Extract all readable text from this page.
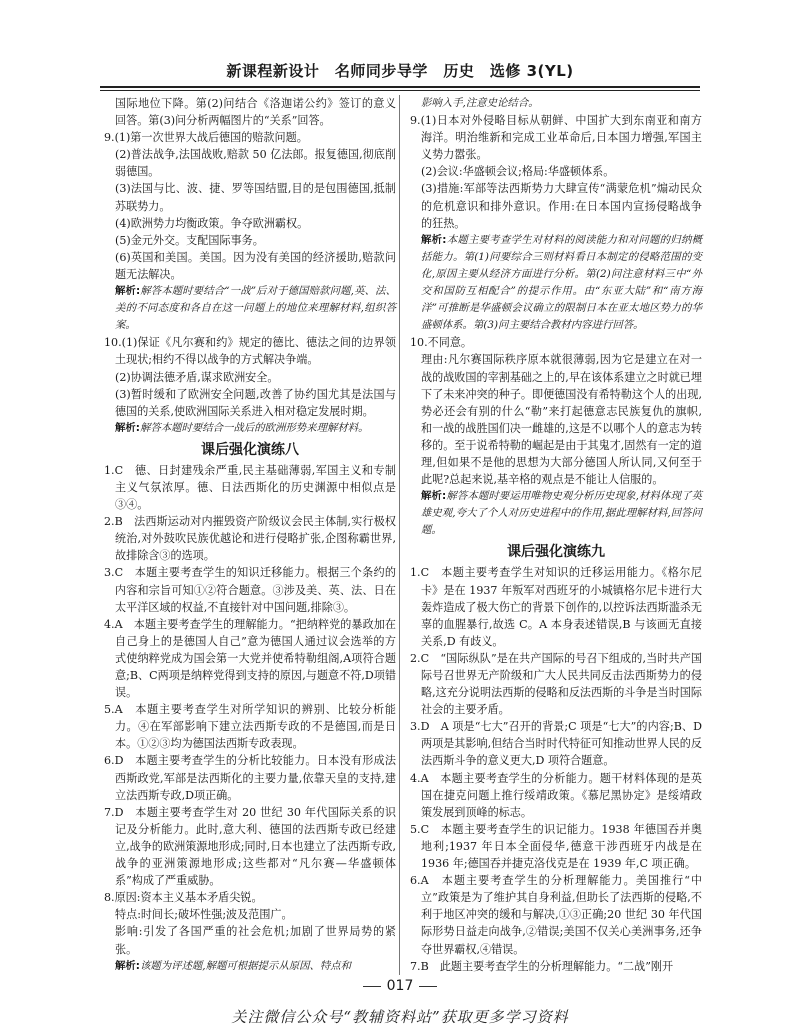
新课程新设计　名师同步导学　历史　选修 3(YL)

国际地位下降。第(2)问结合《洛迦诺公约》签订的意义回答。第(3)问分析两幅图片的“关系”回答。

9.(1)第一次世界大战后德国的赔款问题。

(2)普法战争,法国战败,赔款 50 亿法郎。报复德国,彻底削弱德国。

(3)法国与比、波、捷、罗等国结盟,目的是包围德国,抵制苏联势力。

(4)欧洲势力均衡政策。争夺欧洲霸权。

(5)金元外交。支配国际事务。

(6)英国和美国。美国。因为没有美国的经济援助,赔款问题无法解决。

解析:解答本题时要结合“一战”后对于德国赔款问题,英、法、美的不同态度和各自在这一问题上的地位来理解材料,组织答案。

10.(1)保证《凡尔赛和约》规定的德比、德法之间的边界领土现状;相约不得以战争的方式解决争端。

(2)协调法德矛盾,谋求欧洲安全。

(3)暂时缓和了欧洲安全问题,改善了协约国尤其是法国与德国的关系,使欧洲国际关系进入相对稳定发展时期。

解析:解答本题时要结合一战后的欧洲形势来理解材料。

课后强化演练八

1.C　德、日封建残余严重,民主基础薄弱,军国主义和专制主义气氛浓厚。德、日法西斯化的历史渊源中相似点是③④。

2.B　法西斯运动对内摧毁资产阶级议会民主体制,实行极权统治,对外鼓吹民族优越论和进行侵略扩张,企图称霸世界,故排除含③的选项。

3.C　本题主要考查学生的知识迁移能力。根据三个条约的内容和宗旨可知①②符合题意。③涉及美、英、法、日在太平洋区域的权益,不直接针对中国问题,排除③。

4.A　本题主要考查学生的理解能力。“把纳粹党的暴政加在自己身上的是德国人自己”意为德国人通过议会选举的方式使纳粹党成为国会第一大党并使希特勒组阁,A项符合题意;B、C两项是纳粹党得到支持的原因,与题意不符,D项错误。

5.A　本题主要考查学生对所学知识的辨别、比较分析能力。④在军部影响下建立法西斯专政的不是德国,而是日本。①②③均为德国法西斯专政表现。

6.D　本题主要考查学生的分析比较能力。日本没有形成法西斯政党,军部是法西斯化的主要力量,依靠天皇的支持,建立法西斯专政,D项正确。

7.D　本题主要考查学生对 20 世纪 30 年代国际关系的识记及分析能力。此时,意大利、德国的法西斯专政已经建立,战争的欧洲策源地形成;同时,日本也建立了法西斯专政,战争的亚洲策源地形成;这些都对“凡尔赛—华盛顿体系”构成了严重威胁。

8.原因:资本主义基本矛盾尖锐。

特点:时间长;破坏性强;波及范围广。

影响:引发了各国严重的社会危机;加剧了世界局势的紧张。

解析:该题为评述题,解题可根据提示从原因、特点和

影响入手,注意史论结合。

9.(1)日本对外侵略目标从朝鲜、中国扩大到东南亚和南方海洋。明治维新和完成工业革命后,日本国力增强,军国主义势力嚣张。

(2)会议:华盛顿会议;格局:华盛顿体系。

(3)措施:军部等法西斯势力大肆宣传“满蒙危机”煽动民众的危机意识和排外意识。作用:在日本国内宣扬侵略战争的狂热。

解析:本题主要考查学生对材料的阅读能力和对问题的归纳概括能力。第(1)问要综合三则材料看日本制定的侵略范围的变化,原因主要从经济方面进行分析。第(2)问注意材料三中“外交和国防互相配合”的提示作用。由“东亚大陆”和“南方海洋”可推断是华盛顿会议确立的限制日本在亚太地区势力的华盛顿体系。第(3)问主要结合教材内容进行回答。

10.不同意。

理由:凡尔赛国际秩序原本就很薄弱,因为它是建立在对一战的战败国的宰割基础之上的,早在该体系建立之时就已埋下了未来冲突的种子。即便德国没有希特勒这个人的出现,势必还会有别的什么“勒”来打起德意志民族复仇的旗帜,和一战的战胜国们决一雌雄的,这是不以哪个人的意志为转移的。至于说希特勒的崛起是由于其鬼才,固然有一定的道理,但如果不是他的思想为大部分德国人所认同,又何至于此呢?总起来说,基辛格的观点是不能让人信服的。

解析:解答本题时要运用唯物史观分析历史现象,材料体现了英雄史观,夸大了个人对历史进程中的作用,据此理解材料,回答问题。

课后强化演练九

1.C　本题主要考查学生对知识的迁移运用能力。《格尔尼卡》是在 1937 年叛军对西班牙的小城镇格尔尼卡进行大轰炸造成了极大伤亡的背景下创作的,以控诉法西斯滥杀无辜的血腥暴行,故选 C。A 本身表述错误,B 与该画无直接关系,D 有歧义。

2.C　“国际纵队”是在共产国际的号召下组成的,当时共产国际号召世界无产阶级和广大人民共同反击法西斯势力的侵略,这充分说明法西斯的侵略和反法西斯的斗争是当时国际社会的主要矛盾。

3.D　A 项是“七大”召开的背景;C 项是“七大”的内容;B、D 两项是其影响,但结合当时时代特征可知推动世界人民的反法西斯斗争的意义更大,D 项符合题意。

4.A　本题主要考查学生的分析能力。题干材料体现的是英国在捷克问题上推行绥靖政策。《慕尼黑协定》是绥靖政策发展到顶峰的标志。

5.C　本题主要考查学生的识记能力。1938 年德国吞并奥地利;1937 年日本全面侵华,德意干涉西班牙内战是在 1936 年;德国吞并捷克洛伐克是在 1939 年,C 项正确。

6.A　本题主要考查学生的分析理解能力。美国推行“中立”政策是为了维护其自身利益,但助长了法西斯的侵略,不利于地区冲突的缓和与解决,①③正确;20 世纪 30 年代国际形势日益走向战争,②错误;美国不仅关心美洲事务,还争夺世界霸权,④错误。

7.B　此题主要考查学生的分析理解能力。“二战”刚开

017
关注微信公众号“教辅资料站”获取更多学习资料
